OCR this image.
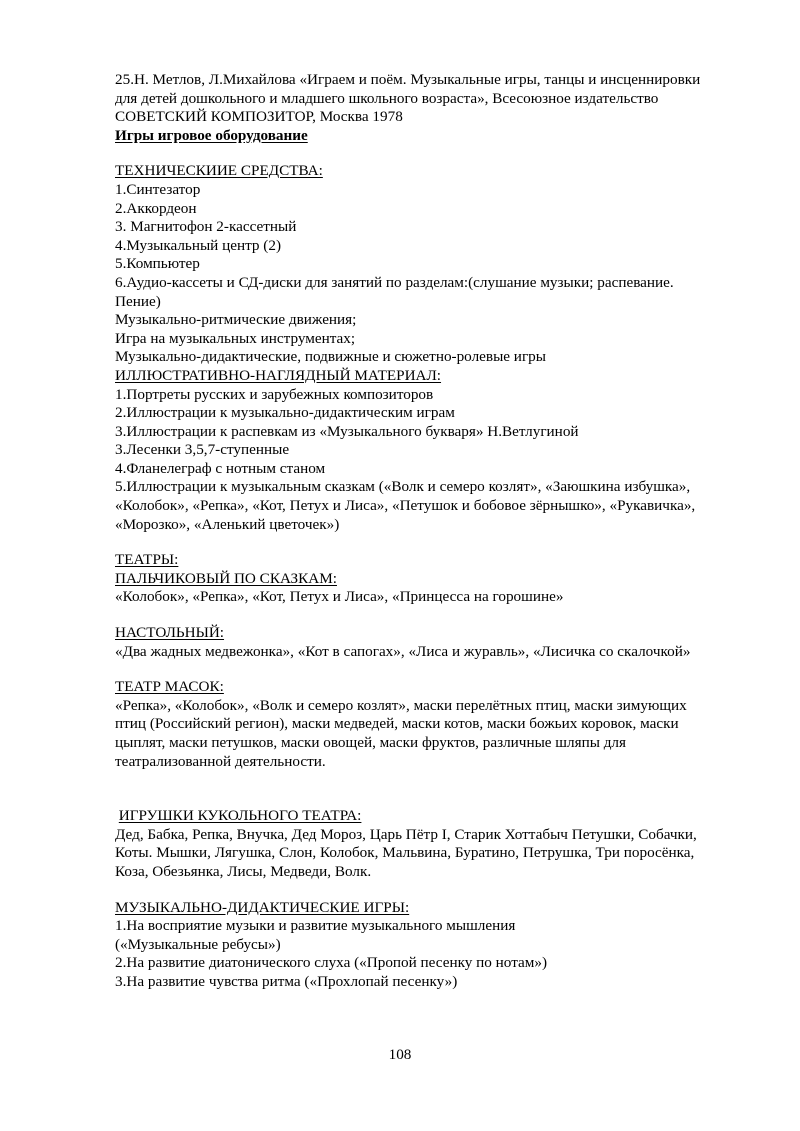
25.Н. Метлов, Л.Михайлова «Играем и поём. Музыкальные игры, танцы и инсценнировки
для детей дошкольного и младшего школьного возраста», Всесоюзное издательство
СОВЕТСКИЙ КОМПОЗИТОР, Москва 1978
Игры игровое оборудование
ТЕХНИЧЕСКИИЕ СРЕДСТВА:
1.Синтезатор
2.Аккордеон
3. Магнитофон 2-кассетный
4.Музыкальный центр (2)
5.Компьютер
6.Аудио-кассеты и СД-диски для занятий по разделам:(слушание музыки; распевание.
Пение)
Музыкально-ритмические движения;
Игра на музыкальных инструментах;
Музыкально-дидактические, подвижные и сюжетно-ролевые игры
ИЛЛЮСТРАТИВНО-НАГЛЯДНЫЙ МАТЕРИАЛ:
1.Портреты русских и зарубежных композиторов
2.Иллюстрации к музыкально-дидактическим играм
3.Иллюстрации к распевкам из «Музыкального букваря» Н.Ветлугиной
3.Лесенки 3,5,7-ступенные
4.Фланелеграф с нотным станом
5.Иллюстрации к музыкальным сказкам («Волк и семеро козлят», «Заюшкина избушка»,
«Колобок», «Репка», «Кот, Петух и Лиса», «Петушок и бобовое зёрнышко», «Рукавичка»,
«Морозко», «Аленький цветочек»)
ТЕАТРЫ:
ПАЛЬЧИКОВЫЙ ПО СКАЗКАМ:
«Колобок», «Репка», «Кот, Петух и Лиса», «Принцесса на горошине»
НАСТОЛЬНЫЙ:
«Два жадных медвежонка», «Кот в сапогах», «Лиса и журавль», «Лисичка со скалочкой»
ТЕАТР МАСОК:
«Репка», «Колобок», «Волк и семеро козлят», маски перелётных птиц, маски зимующих
птиц (Российский регион), маски медведей, маски котов, маски божьих коровок, маски
цыплят, маски петушков, маски овощей, маски фруктов, различные шляпы для
театрализованной деятельности.
ИГРУШКИ КУКОЛЬНОГО ТЕАТРА:
Дед, Бабка, Репка, Внучка, Дед Мороз, Царь Пётр I, Старик Хоттабыч Петушки, Собачки,
Коты. Мышки, Лягушка, Слон, Колобок, Мальвина, Буратино, Петрушка, Три поросёнка,
Коза, Обезьянка, Лисы, Медведи, Волк.
МУЗЫКАЛЬНО-ДИДАКТИЧЕСКИЕ ИГРЫ:
1.На восприятие музыки и развитие музыкального мышления
(«Музыкальные ребусы»)
2.На развитие диатонического слуха («Пропой песенку по нотам»)
3.На развитие чувства ритма («Прохлопай песенку»)
108
